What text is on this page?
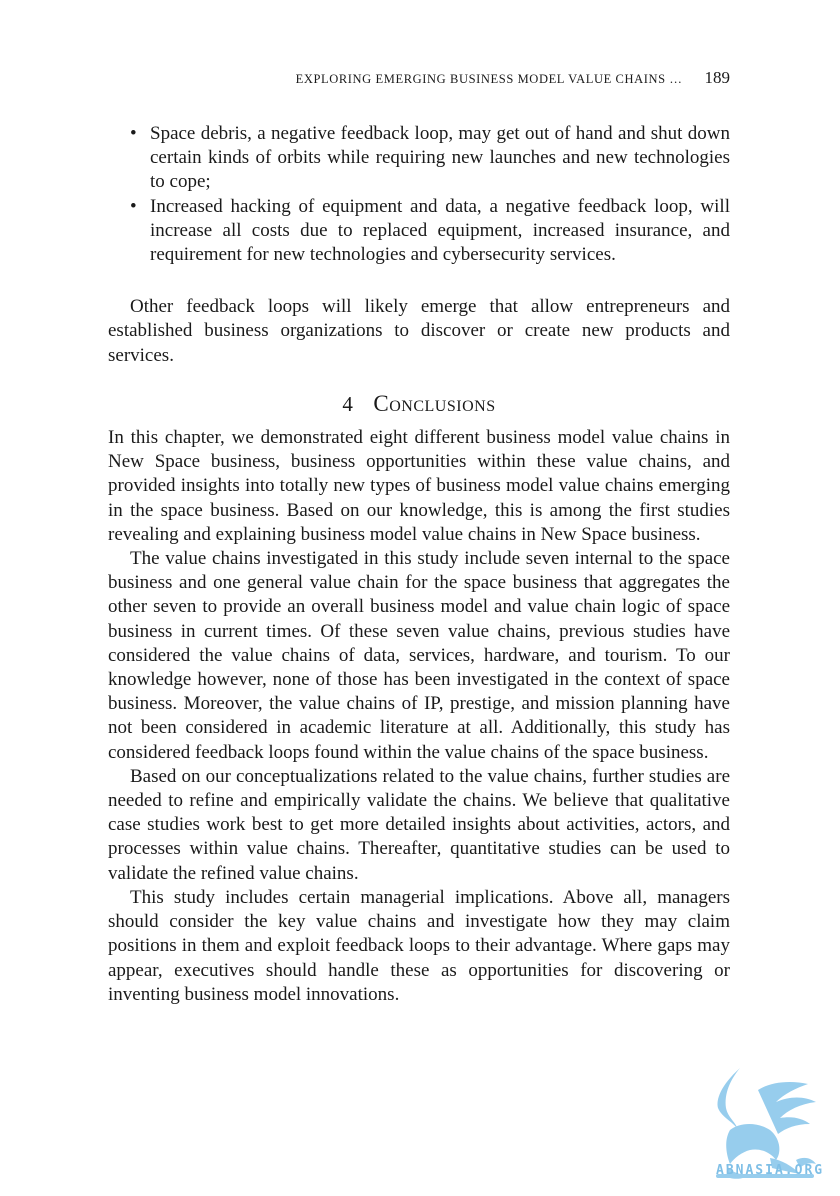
EXPLORING EMERGING BUSINESS MODEL VALUE CHAINS … 189
• Space debris, a negative feedback loop, may get out of hand and shut down certain kinds of orbits while requiring new launches and new technologies to cope;
• Increased hacking of equipment and data, a negative feedback loop, will increase all costs due to replaced equipment, increased insurance, and requirement for new technologies and cybersecurity services.

Other feedback loops will likely emerge that allow entrepreneurs and established business organizations to discover or create new products and services.

4 Conclusions

In this chapter, we demonstrated eight different business model value chains in New Space business, business opportunities within these value chains, and provided insights into totally new types of business model value chains emerging in the space business. Based on our knowledge, this is among the first studies revealing and explaining business model value chains in New Space business.

The value chains investigated in this study include seven internal to the space business and one general value chain for the space business that aggregates the other seven to provide an overall business model and value chain logic of space business in current times. Of these seven value chains, previous studies have considered the value chains of data, services, hardware, and tourism. To our knowledge however, none of those has been investigated in the context of space business. Moreover, the value chains of IP, prestige, and mission planning have not been considered in academic literature at all. Additionally, this study has considered feedback loops found within the value chains of the space business.

Based on our conceptualizations related to the value chains, further studies are needed to refine and empirically validate the chains. We believe that qualitative case studies work best to get more detailed insights about activities, actors, and processes within value chains. Thereafter, quantitative studies can be used to validate the refined value chains.

This study includes certain managerial implications. Above all, managers should consider the key value chains and investigate how they may claim positions in them and exploit feedback loops to their advantage. Where gaps may appear, executives should handle these as opportunities for discovering or inventing business model innovations.

ABNASIA.ORG
